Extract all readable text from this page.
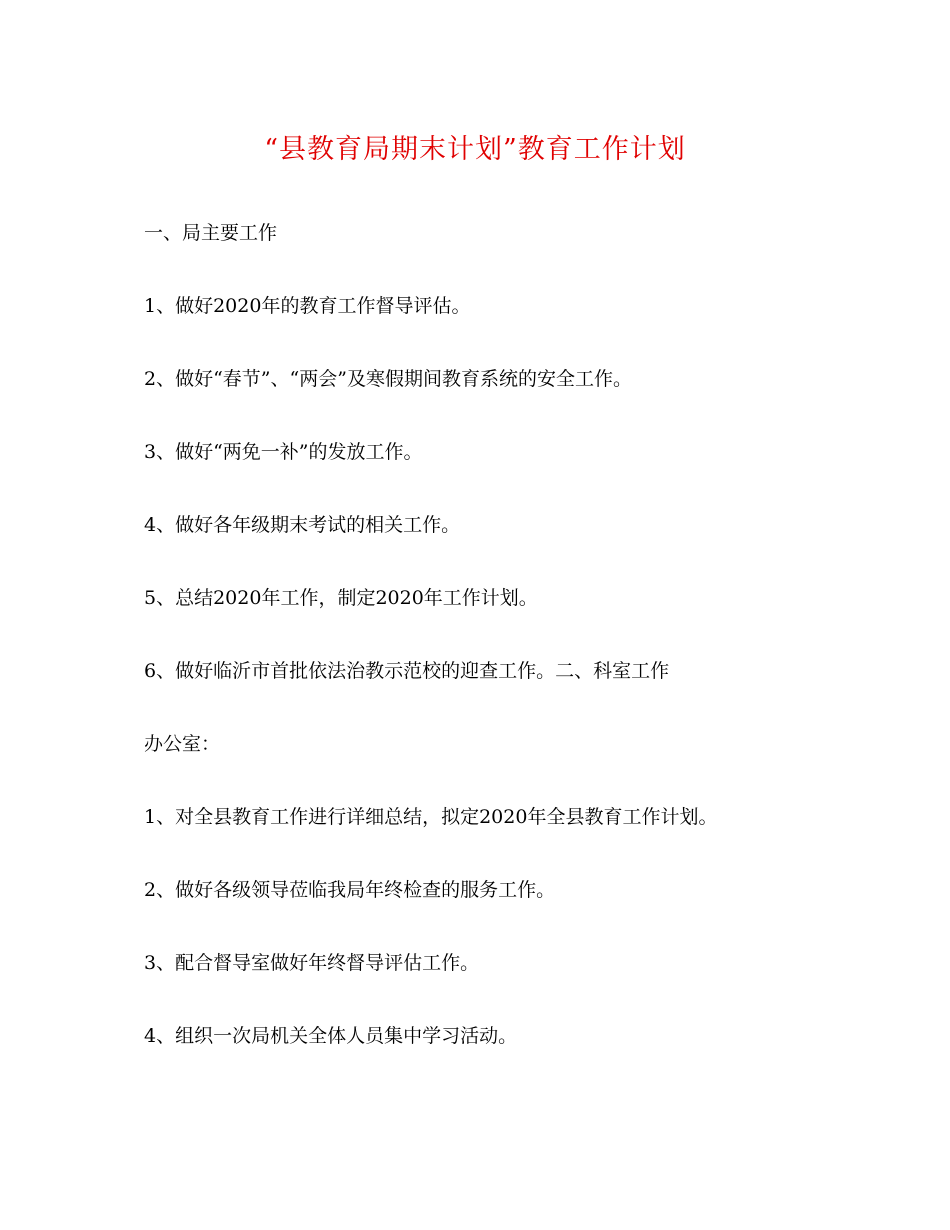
“县教育局期末计划”教育工作计划
一、局主要工作
1、做好2020年的教育工作督导评估。
2、做好“春节”、“两会”及寒假期间教育系统的安全工作。
3、做好“两免一补”的发放工作。
4、做好各年级期末考试的相关工作。
5、总结2020年工作，制定2020年工作计划。
6、做好临沂市首批依法治教示范校的迎查工作。二、科室工作
办公室：
1、对全县教育工作进行详细总结，拟定2020年全县教育工作计划。
2、做好各级领导莅临我局年终检查的服务工作。
3、配合督导室做好年终督导评估工作。
4、组织一次局机关全体人员集中学习活动。
